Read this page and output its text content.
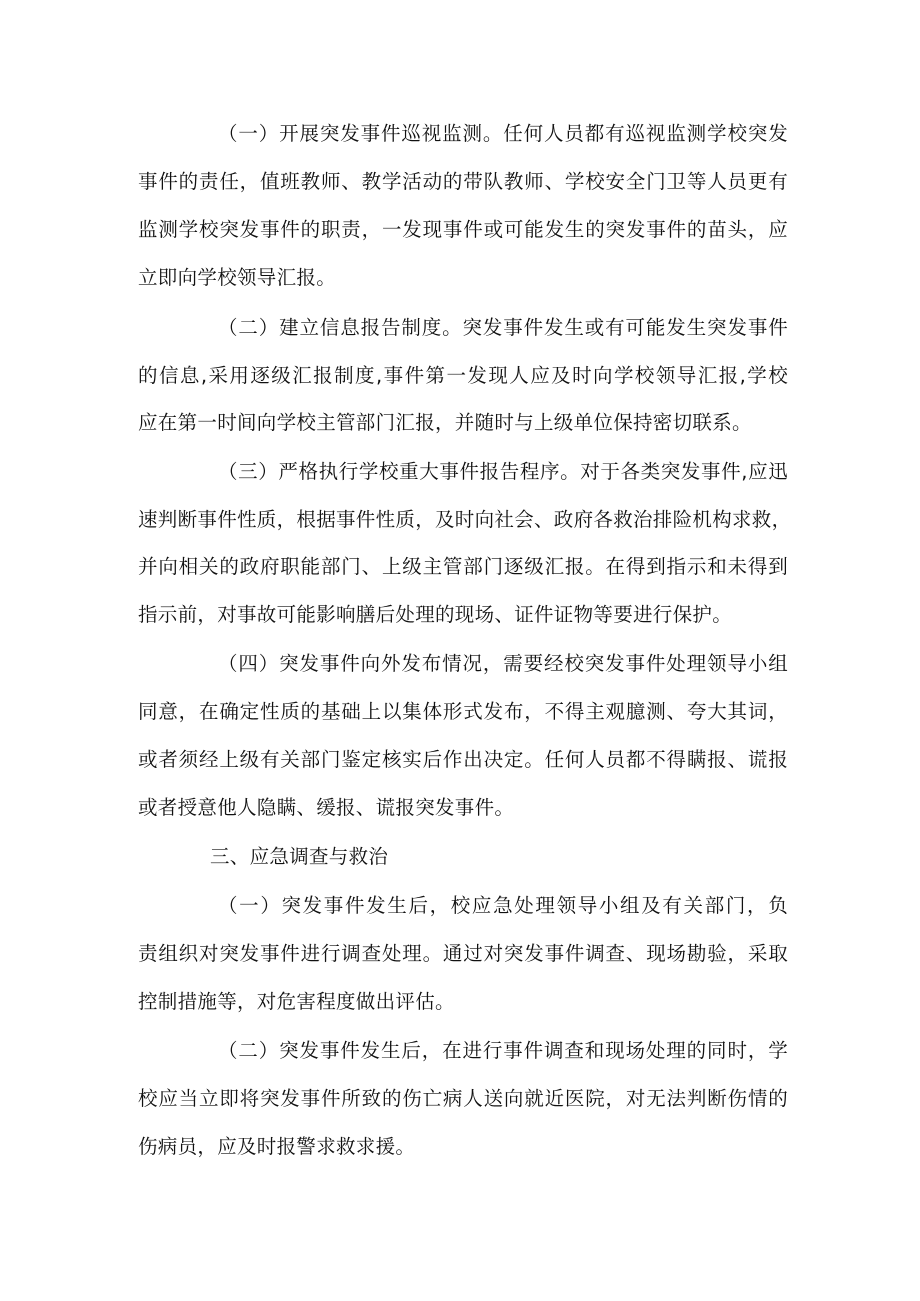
（一）开展突发事件巡视监测。任何人员都有巡视监测学校突发
事件的责任，值班教师、教学活动的带队教师、学校安全门卫等人员更有
监测学校突发事件的职责，一发现事件或可能发生的突发事件的苗头，应
立即向学校领导汇报。
（二）建立信息报告制度。突发事件发生或有可能发生突发事件
的信息,采用逐级汇报制度,事件第一发现人应及时向学校领导汇报,学校
应在第一时间向学校主管部门汇报，并随时与上级单位保持密切联系。
（三）严格执行学校重大事件报告程序。对于各类突发事件,应迅
速判断事件性质，根据事件性质，及时向社会、政府各救治排险机构求救，
并向相关的政府职能部门、上级主管部门逐级汇报。在得到指示和未得到
指示前，对事故可能影响膳后处理的现场、证件证物等要进行保护。
（四）突发事件向外发布情况，需要经校突发事件处理领导小组
同意，在确定性质的基础上以集体形式发布，不得主观臆测、夸大其词，
或者须经上级有关部门鉴定核实后作出决定。任何人员都不得瞒报、谎报
或者授意他人隐瞒、缓报、谎报突发事件。
三、应急调查与救治
（一）突发事件发生后，校应急处理领导小组及有关部门，负
责组织对突发事件进行调查处理。通过对突发事件调查、现场勘验，采取
控制措施等，对危害程度做出评估。
（二）突发事件发生后，在进行事件调查和现场处理的同时，学
校应当立即将突发事件所致的伤亡病人送向就近医院，对无法判断伤情的
伤病员，应及时报警求救求援。
